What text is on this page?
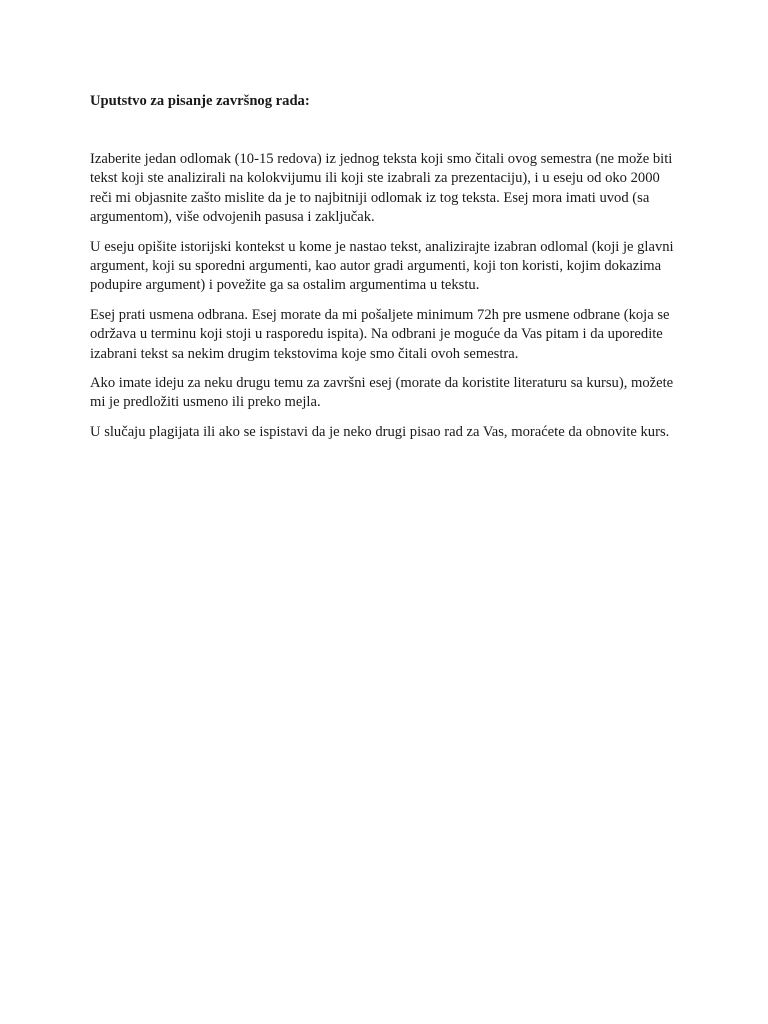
Uputstvo za pisanje završnog rada:

Izaberite jedan odlomak (10-15 redova) iz jednog teksta koji smo čitali ovog semestra (ne može biti tekst koji ste analizirali na kolokvijumu ili koji ste izabrali za prezentaciju), i u eseju od oko 2000 reči mi objasnite zašto mislite da je to najbitniji odlomak iz tog teksta. Esej mora imati uvod (sa argumentom), više odvojenih pasusa i zaključak.

U eseju opišite istorijski kontekst u kome je nastao tekst, analizirajte izabran odlomal (koji je glavni argument, koji su sporedni argumenti, kao autor gradi argumenti, koji ton koristi, kojim dokazima podupire argument) i povežite ga sa ostalim argumentima u tekstu.

Esej prati usmena odbrana. Esej morate da mi pošaljete minimum 72h pre usmene odbrane (koja se održava u terminu koji stoji u rasporedu ispita). Na odbrani je moguće da Vas pitam i da uporedite izabrani tekst sa nekim drugim tekstovima koje smo čitali ovoh semestra.

Ako imate ideju za neku drugu temu za završni esej (morate da koristite literaturu sa kursu), možete mi je predložiti usmeno ili preko mejla.

U slučaju plagijata ili ako se ispistavi da je neko drugi pisao rad za Vas, moraćete da obnovite kurs.
